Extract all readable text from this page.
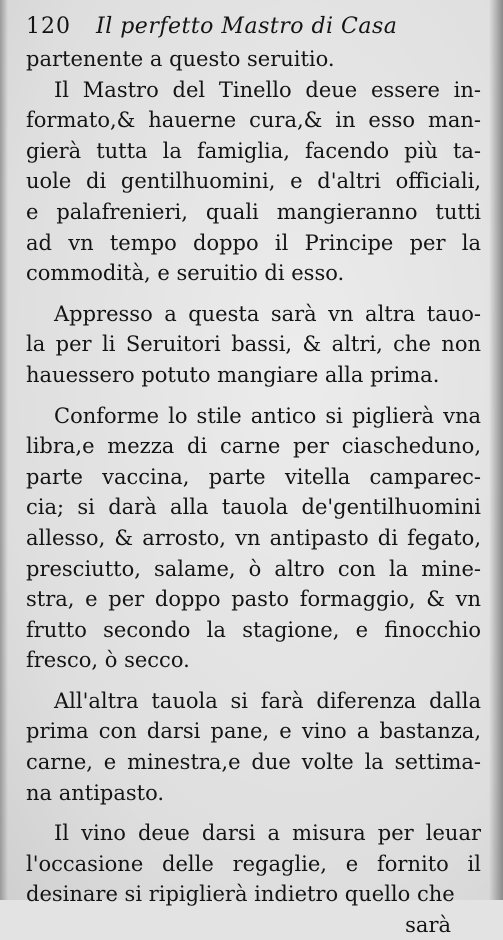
120	Il perfetto Mastro di Casa
partenente a questo seruitio.
Il Mastro del Tinello deue essere in-
formato,& hauerne cura,& in esso man-
gierà tutta la famiglia, facendo più ta-
uole di gentilhuomini, e d'altri officiali,
e palafrenieri, quali mangieranno tutti
ad vn tempo doppo il Principe per la
commodità, e seruitio di esso.
Appresso a questa sarà vn altra tauo-
la per li Seruitori bassi, & altri, che non
hauessero potuto mangiare alla prima.
Conforme lo stile antico si piglierà vna
libra,e mezza di carne per ciascheduno,
parte vaccina, parte vitella camparec-
cia; si darà alla tauola de'gentilhuomini
allesso, & arrosto, vn antipasto di fegato,
presciutto, salame, ò altro con la mine-
stra, e per doppo pasto formaggio, & vn
frutto secondo la stagione, e finocchio
fresco, ò secco.
All'altra tauola si farà diferenza dalla
prima con darsi pane, e vino a bastanza,
carne, e minestra,e due volte la settima-
na antipasto.
Il vino deue darsi a misura per leuar
l'occasione delle regaglie, e fornito il
desinare si ripiglierà indietro quello che
sarà
